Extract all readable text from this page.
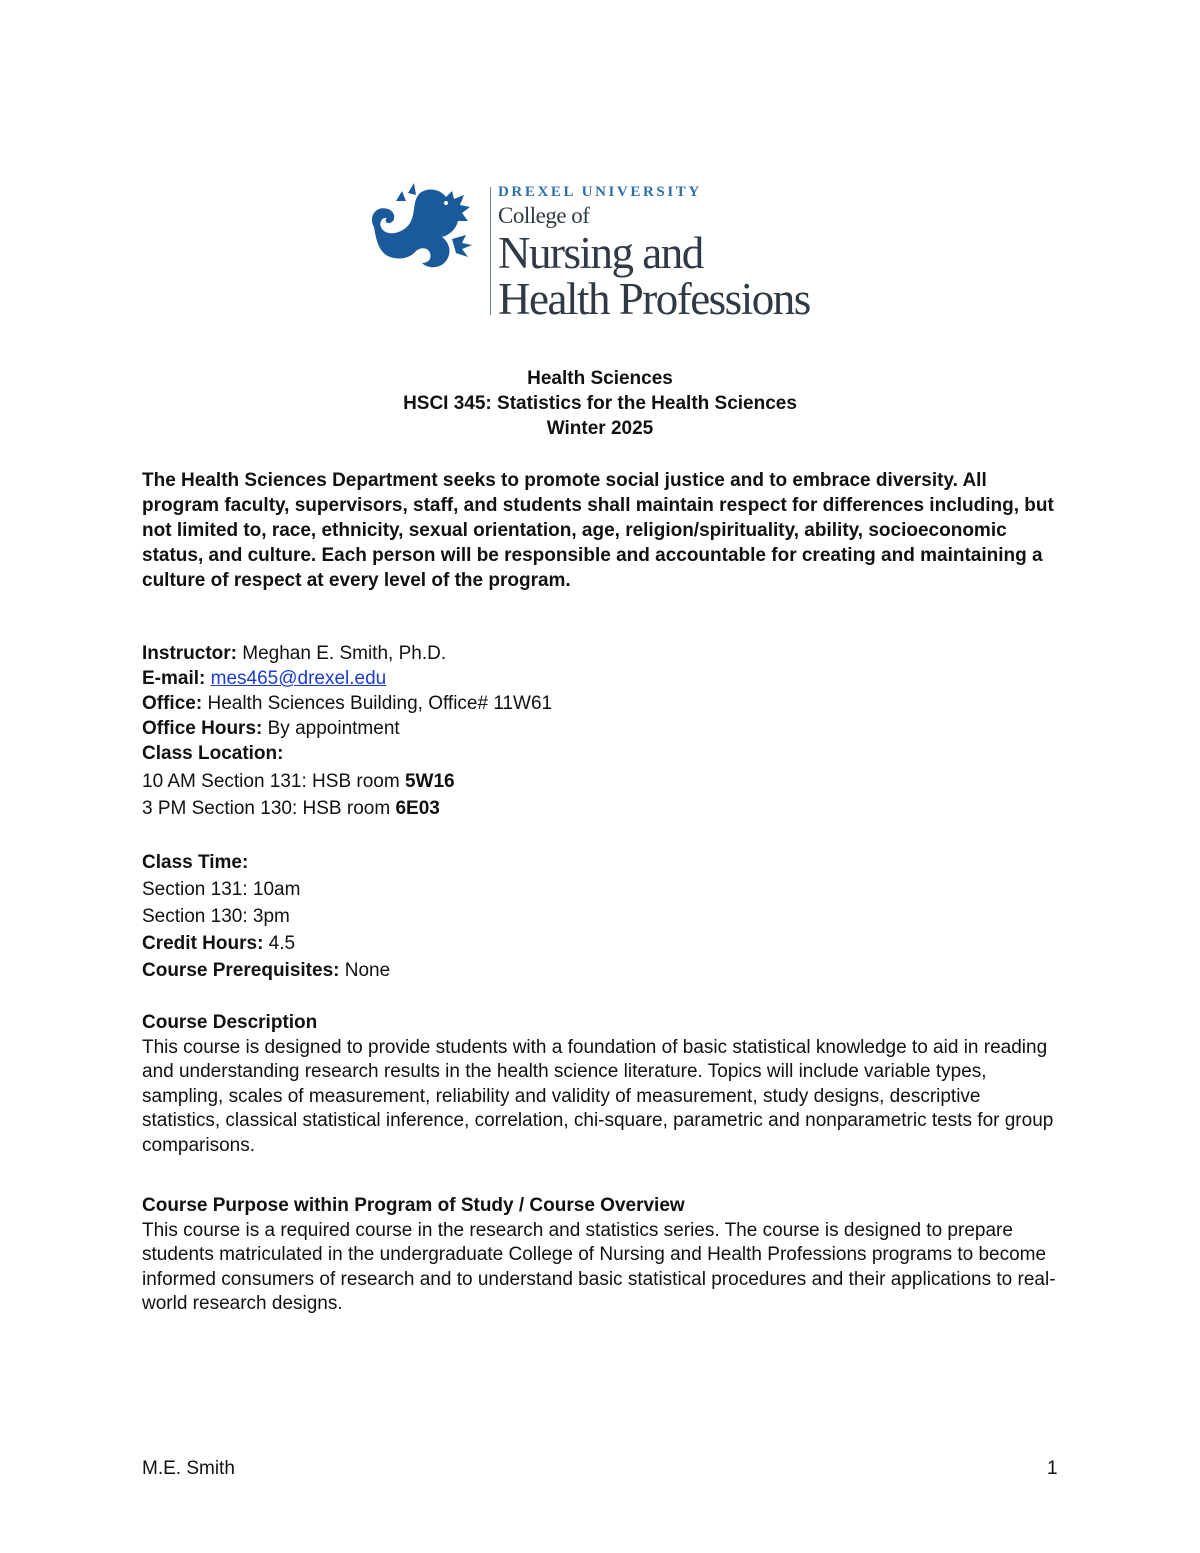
DREXEL UNIVERSITY
College of
Nursing and
Health Professions
Health Sciences
HSCI 345: Statistics for the Health Sciences
Winter 2025
The Health Sciences Department seeks to promote social justice and to embrace diversity. All program faculty, supervisors, staff, and students shall maintain respect for differences including, but not limited to, race, ethnicity, sexual orientation, age, religion/spirituality, ability, socioeconomic status, and culture. Each person will be responsible and accountable for creating and maintaining a culture of respect at every level of the program.
Instructor: Meghan E. Smith, Ph.D.
E-mail: mes465@drexel.edu
Office: Health Sciences Building, Office# 11W61
Office Hours: By appointment
Class Location:
10 AM Section 131: HSB room 5W16
3 PM Section 130: HSB room 6E03
Class Time:
Section 131: 10am
Section 130: 3pm
Credit Hours: 4.5
Course Prerequisites: None
Course Description
This course is designed to provide students with a foundation of basic statistical knowledge to aid in reading and understanding research results in the health science literature. Topics will include variable types, sampling, scales of measurement, reliability and validity of measurement, study designs, descriptive statistics, classical statistical inference, correlation, chi-square, parametric and nonparametric tests for group comparisons.
Course Purpose within Program of Study / Course Overview
This course is a required course in the research and statistics series. The course is designed to prepare students matriculated in the undergraduate College of Nursing and Health Professions programs to become informed consumers of research and to understand basic statistical procedures and their applications to real-world research designs.
M.E. Smith	1
